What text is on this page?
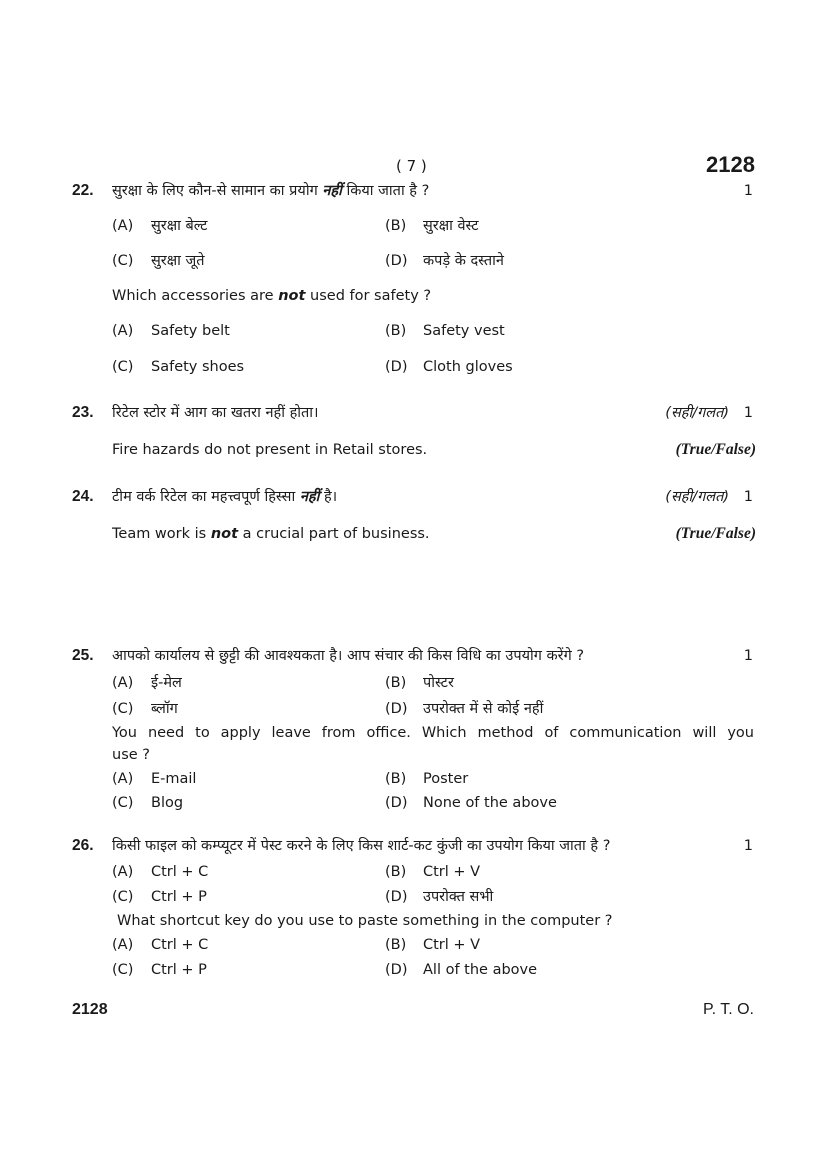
( 7 )	2128
22. सुरक्षा के लिए कौन-से सामान का प्रयोग नहीं किया जाता है ?	1
(A) सुरक्षा बेल्ट	(B) सुरक्षा वेस्ट
(C) सुरक्षा जूते	(D) कपड़े के दस्ताने
Which accessories are not used for safety ?
(A) Safety belt	(B) Safety vest
(C) Safety shoes	(D) Cloth gloves
23. रिटेल स्टोर में आग का खतरा नहीं होता।	(सही/गलत) 1
Fire hazards do not present in Retail stores.	(True/False)
24. टीम वर्क रिटेल का महत्त्वपूर्ण हिस्सा नहीं है।	(सही/गलत) 1
Team work is not a crucial part of business.	(True/False)
25. आपको कार्यालय से छुट्टी की आवश्यकता है। आप संचार की किस विधि का उपयोग करेंगे ?	1
(A) ई-मेल	(B) पोस्टर
(C) ब्लॉग	(D) उपरोक्त में से कोई नहीं
You need to apply leave from office. Which method of communication will you
use ?
(A) E-mail	(B) Poster
(C) Blog	(D) None of the above
26. किसी फाइल को कम्प्यूटर में पेस्ट करने के लिए किस शार्ट-कट कुंजी का उपयोग किया जाता है ?	1
(A) Ctrl + C	(B) Ctrl + V
(C) Ctrl + P	(D) उपरोक्त सभी
What shortcut key do you use to paste something in the computer ?
(A) Ctrl + C	(B) Ctrl + V
(C) Ctrl + P	(D) All of the above
2128	P. T. O.
